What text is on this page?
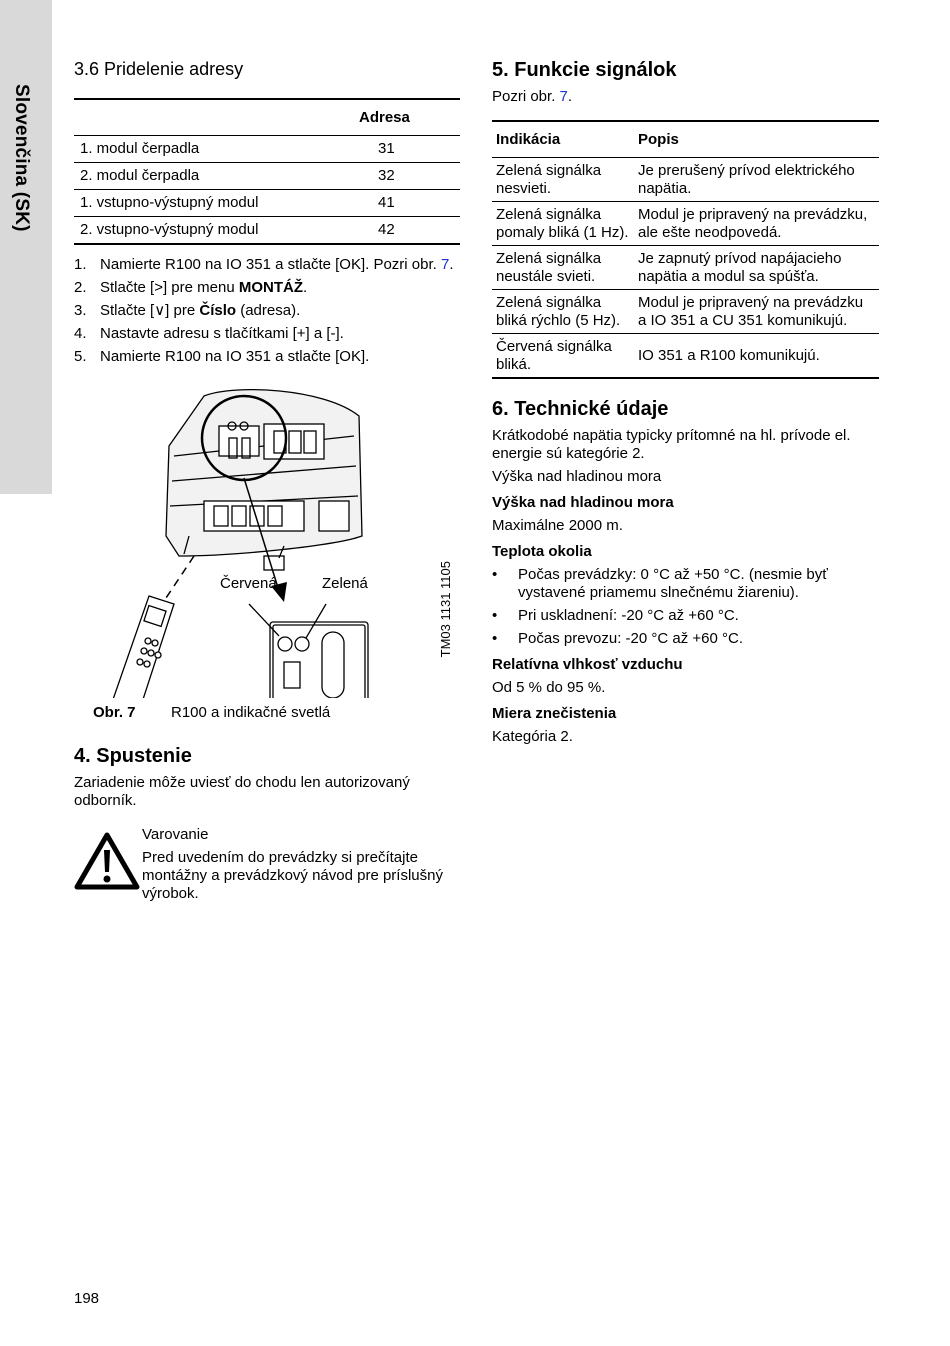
Slovenčina (SK)
3.6 Pridelenie adresy
	Adresa
1. modul čerpadla	31
2. modul čerpadla	32
1. vstupno-výstupný modul	41
2. vstupno-výstupný modul	42
1. Namierte R100 na IO 351 a stlačte [OK]. Pozri obr. 7.
2. Stlačte [>] pre menu MONTÁŽ.
3. Stlačte [∨] pre Číslo (adresa).
4. Nastavte adresu s tlačítkami [+] a [-].
5. Namierte R100 na IO 351 a stlačte [OK].
Červená	Zelená	TM03 1131 1105
Obr. 7	R100 a indikačné svetlá
4. Spustenie

Zariadenie môže uviesť do chodu len autorizovaný odborník.

Varovanie

Pred uvedením do prevádzky si prečítajte montážny a prevádzkový návod pre príslušný výrobok.

5. Funkcie signálok

Pozri obr. 7.

Indikácia	Popis
Zelená signálka nesvieti.	Je prerušený prívod elektrického napätia.
Zelená signálka pomaly bliká (1 Hz).	Modul je pripravený na prevádzku, ale ešte neodpovedá.
Zelená signálka neustále svieti.	Je zapnutý prívod napájacieho napätia a modul sa spúšťa.
Zelená signálka bliká rýchlo (5 Hz).	Modul je pripravený na prevádzku a IO 351 a CU 351 komunikujú.
Červená signálka bliká.	IO 351 a R100 komunikujú.
6. Technické údaje

Krátkodobé napätia typicky prítomné na hl. prívode el. energie sú kategórie 2.

Výška nad hladinou mora

Výška nad hladinou mora

Maximálne 2000 m.

Teplota okolia

• Počas prevádzky: 0 °C až +50 °C. (nesmie byť vystavené priamemu slnečnému žiareniu).
• Pri uskladnení: -20 °C až +60 °C.
• Počas prevozu: -20 °C až +60 °C.

Relatívna vlhkosť vzduchu

Od 5 % do 95 %.

Miera znečistenia

Kategória 2.

198
